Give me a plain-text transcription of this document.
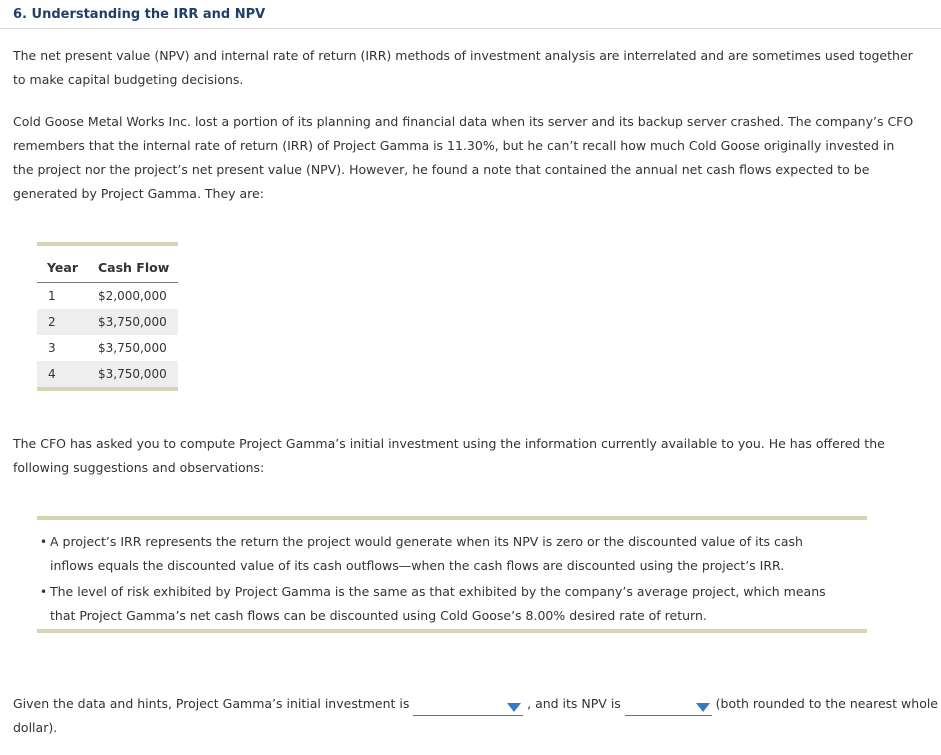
6. Understanding the IRR and NPV

The net present value (NPV) and internal rate of return (IRR) methods of investment analysis are interrelated and are sometimes used together to make capital budgeting decisions.

Cold Goose Metal Works Inc. lost a portion of its planning and financial data when its server and its backup server crashed. The company’s CFO remembers that the internal rate of return (IRR) of Project Gamma is 11.30%, but he can’t recall how much Cold Goose originally invested in the project nor the project’s net present value (NPV). However, he found a note that contained the annual net cash flows expected to be generated by Project Gamma. They are:

Year	Cash Flow
1	$2,000,000
2	$3,750,000
3	$3,750,000
4	$3,750,000

The CFO has asked you to compute Project Gamma’s initial investment using the information currently available to you. He has offered the following suggestions and observations:

• A project’s IRR represents the return the project would generate when its NPV is zero or the discounted value of its cash inflows equals the discounted value of its cash outflows—when the cash flows are discounted using the project’s IRR.
• The level of risk exhibited by Project Gamma is the same as that exhibited by the company’s average project, which means that Project Gamma’s net cash flows can be discounted using Cold Goose’s 8.00% desired rate of return.
Given the data and hints, Project Gamma’s initial investment is	, and its NPV is	(both rounded to the nearest whole
dollar).
